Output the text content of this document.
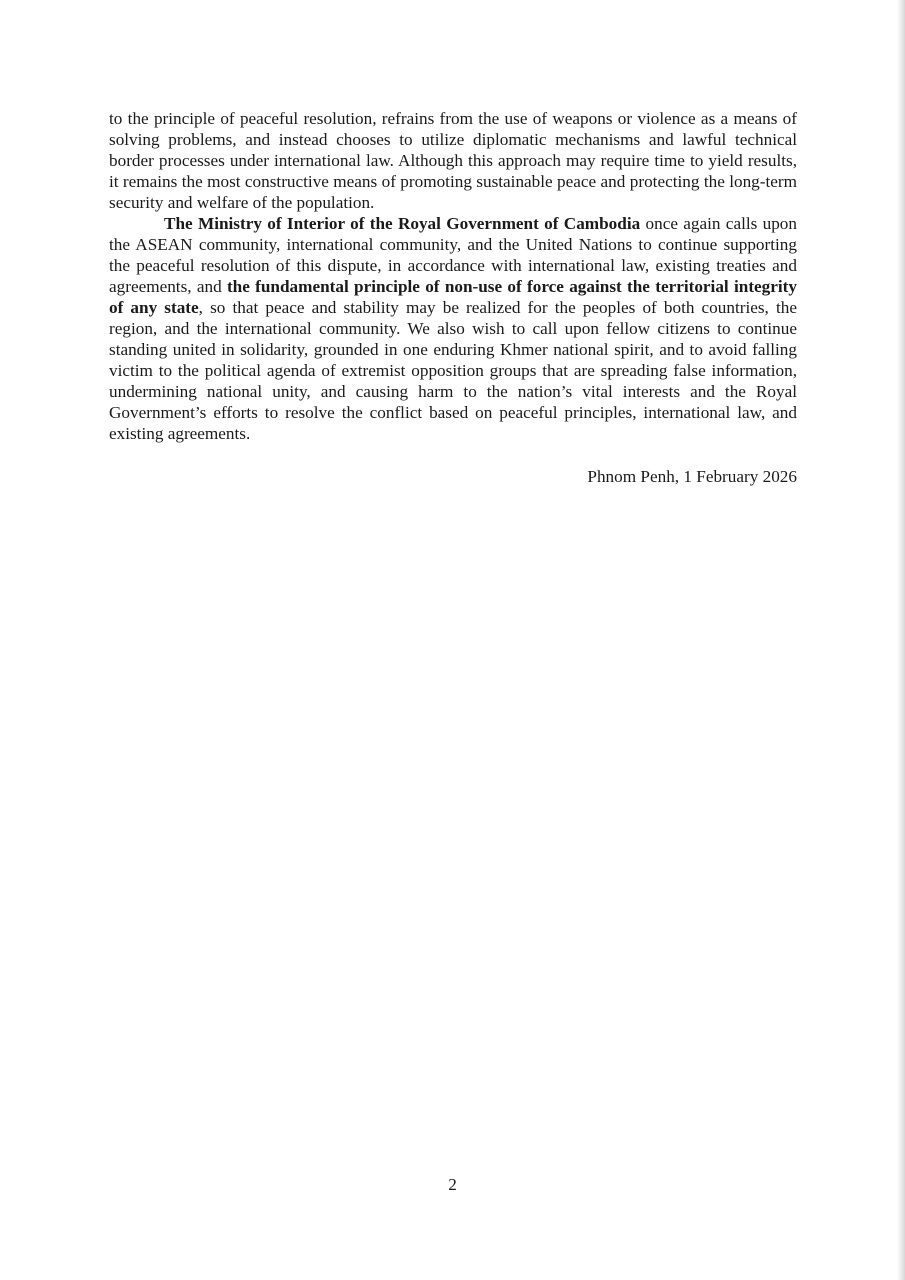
to the principle of peaceful resolution, refrains from the use of weapons or violence as a means of solving problems, and instead chooses to utilize diplomatic mechanisms and lawful technical border processes under international law. Although this approach may require time to yield results, it remains the most constructive means of promoting sustainable peace and protecting the long-term security and welfare of the population.

The Ministry of Interior of the Royal Government of Cambodia once again calls upon the ASEAN community, international community, and the United Nations to continue supporting the peaceful resolution of this dispute, in accordance with international law, existing treaties and agreements, and the fundamental principle of non-use of force against the territorial integrity of any state, so that peace and stability may be realized for the peoples of both countries, the region, and the international community. We also wish to call upon fellow citizens to continue standing united in solidarity, grounded in one enduring Khmer national spirit, and to avoid falling victim to the political agenda of extremist opposition groups that are spreading false information, undermining national unity, and causing harm to the nation’s vital interests and the Royal Government’s efforts to resolve the conflict based on peaceful principles, international law, and existing agreements.

Phnom Penh, 1 February 2026
2
